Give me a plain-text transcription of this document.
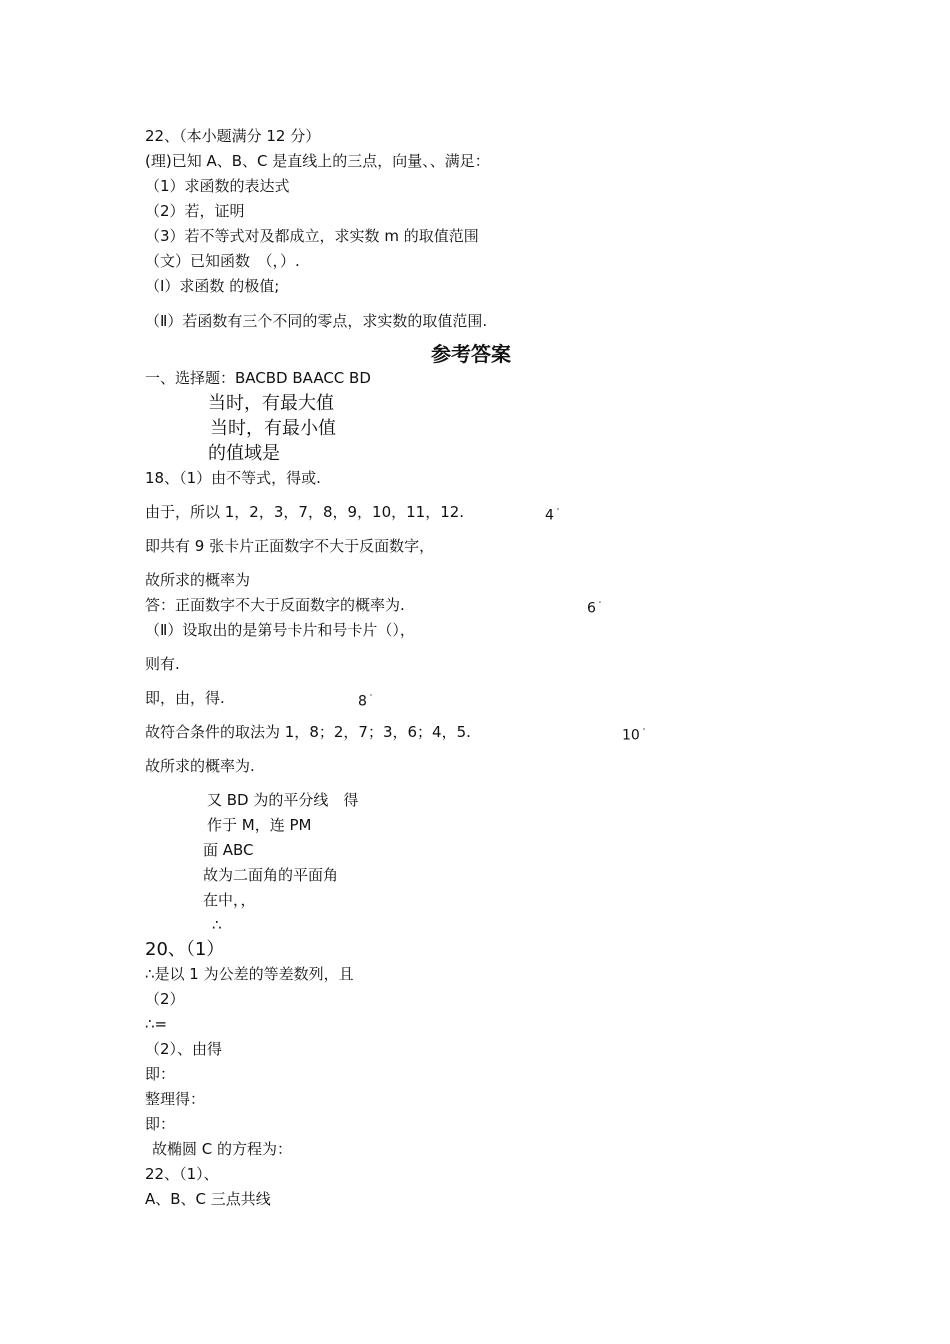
22、（本小题满分 12 分）
(理)已知 A、B、C 是直线上的三点，向量、、满足：
（1）求函数的表达式
（2）若，证明
（3）若不等式对及都成立，求实数 m 的取值范围
（文）已知函数　（，）.
（Ⅰ）求函数 的极值;
（Ⅱ）若函数有三个不同的零点，求实数的取值范围.
参考答案
一、选择题：BACBD BAACC BD
当时，有最大值
当时，有最小值
的值域是
18、（1）由不等式，得或.
由于，所以 1，2，3，7，8，9，10，11，12.	4 '
即共有 9 张卡片正面数字不大于反面数字，
故所求的概率为
答：正面数字不大于反面数字的概率为.	6 '
（Ⅱ）设取出的是第号卡片和号卡片（），
则有.
即，由，得.	8 '
故符合条件的取法为 1，8；2，7；3，6；4，5.	10 '
故所求的概率为.
又 BD 为的平分线　得
作于 M，连 PM
面 ABC
故为二面角的平面角
在中，，
∴
20、（1）
∴是以 1 为公差的等差数列，且
（2）
∴=
（2）、由得
即：
整理得：
即：
故椭圆 C 的方程为：
22、（1）、
A、B、C 三点共线
